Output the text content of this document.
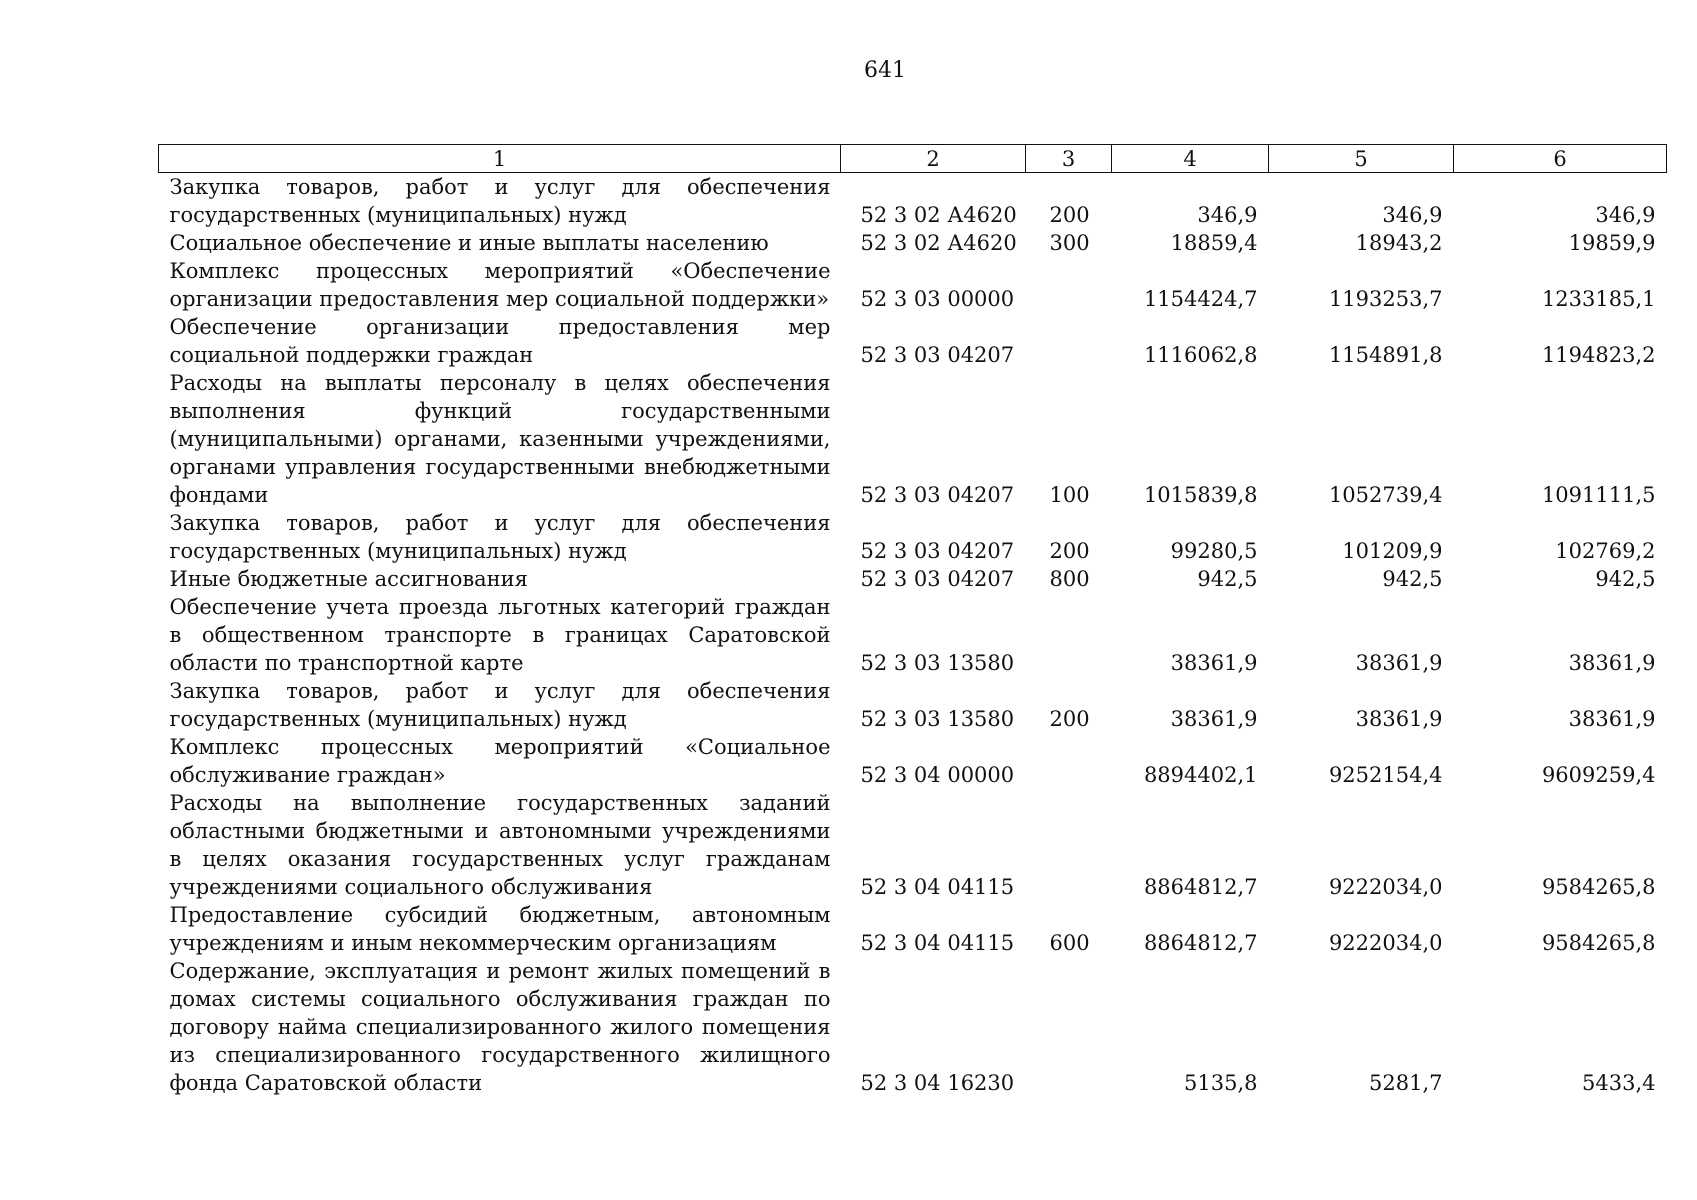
641
1	2	3	4	5	6
Закупка товаров, работ и услуг для обеспечения государственных (муниципальных) нужд	52 3 02 А4620	200	346,9	346,9	346,9
Социальное обеспечение и иные выплаты населению	52 3 02 А4620	300	18859,4	18943,2	19859,9
Комплекс процессных мероприятий «Обеспечение организации предоставления мер социальной поддержки»	52 3 03 00000		1154424,7	1193253,7	1233185,1
Обеспечение организации предоставления мер социальной поддержки граждан	52 3 03 04207		1116062,8	1154891,8	1194823,2
Расходы на выплаты персоналу в целях обеспечения выполнения функций государственными (муниципальными) органами, казенными учреждениями, органами управления государственными внебюджетными фондами	52 3 03 04207	100	1015839,8	1052739,4	1091111,5
Закупка товаров, работ и услуг для обеспечения государственных (муниципальных) нужд	52 3 03 04207	200	99280,5	101209,9	102769,2
Иные бюджетные ассигнования	52 3 03 04207	800	942,5	942,5	942,5
Обеспечение учета проезда льготных категорий граждан в общественном транспорте в границах Саратовской области по транспортной карте	52 3 03 13580		38361,9	38361,9	38361,9
Закупка товаров, работ и услуг для обеспечения государственных (муниципальных) нужд	52 3 03 13580	200	38361,9	38361,9	38361,9
Комплекс процессных мероприятий «Социальное обслуживание граждан»	52 3 04 00000		8894402,1	9252154,4	9609259,4
Расходы на выполнение государственных заданий областными бюджетными и автономными учреждениями в целях оказания государственных услуг гражданам учреждениями социального обслуживания	52 3 04 04115		8864812,7	9222034,0	9584265,8
Предоставление субсидий бюджетным, автономным учреждениям и иным некоммерческим организациям	52 3 04 04115	600	8864812,7	9222034,0	9584265,8
Содержание, эксплуатация и ремонт жилых помещений в домах системы социального обслуживания граждан по договору найма специализированного жилого помещения из специализированного государственного жилищного фонда Саратовской области	52 3 04 16230		5135,8	5281,7	5433,4
